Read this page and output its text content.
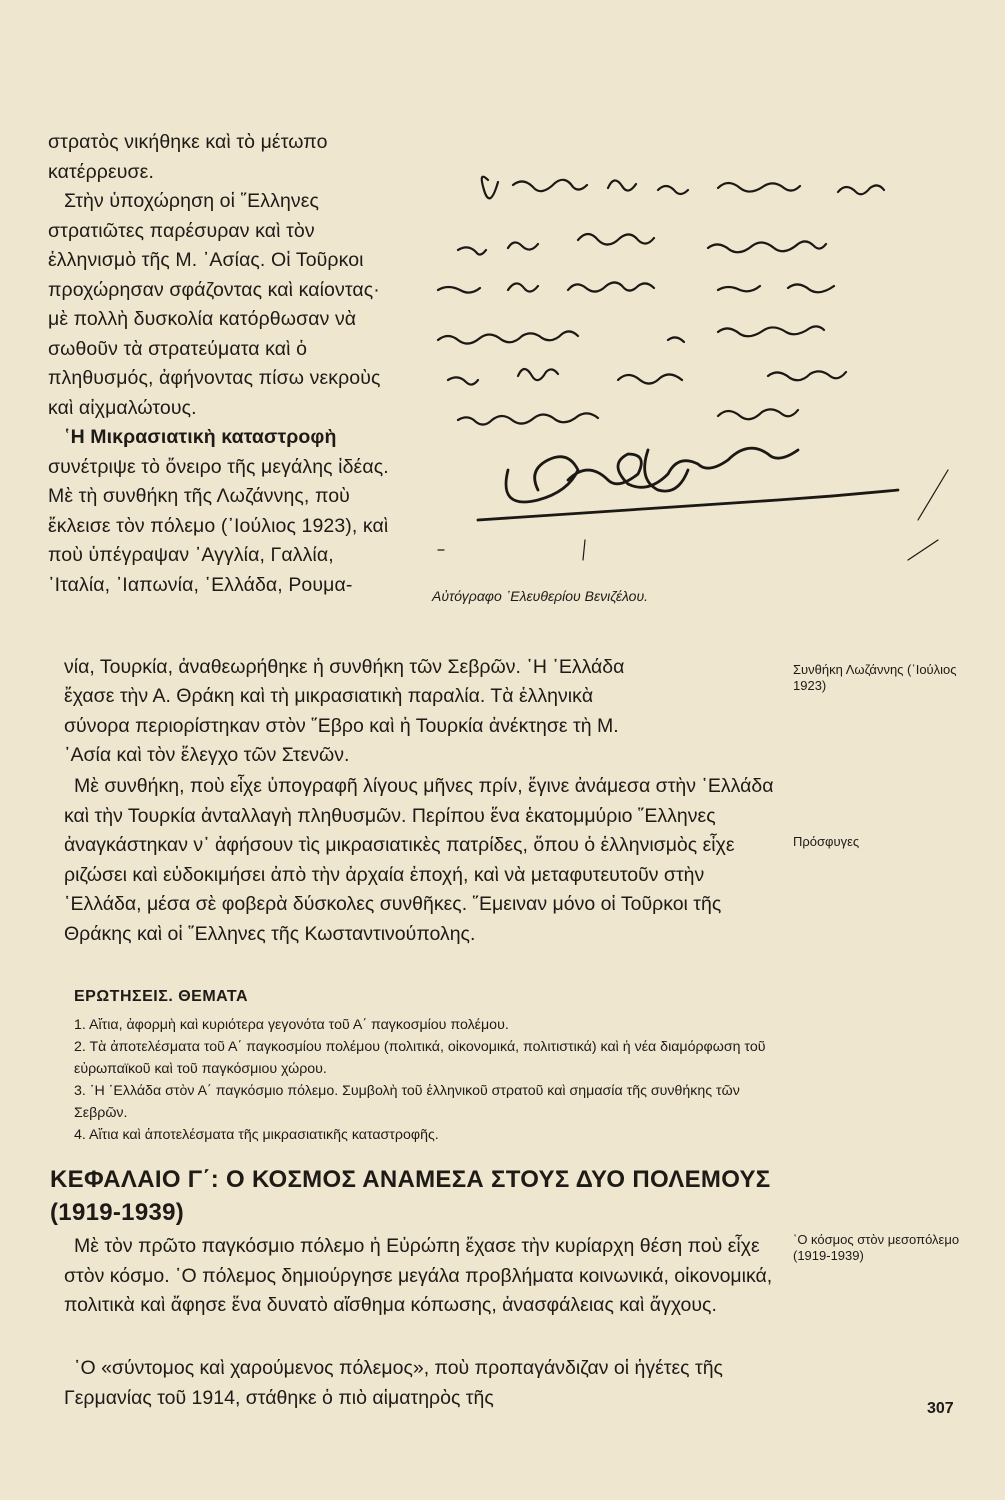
στρατὸς νικήθηκε καὶ τὸ μέτωπο κατέρρευσε.

Στὴν ὑποχώρηση οἱ ῞Ελληνες στρατιῶτες παρέσυραν καὶ τὸν ἑλληνισμὸ τῆς Μ. ᾿Ασίας. Οἱ Τοῦρκοι προχώρησαν σφάζοντας καὶ καίοντας· μὲ πολλὴ δυσκολία κατόρθωσαν νὰ σωθοῦν τὰ στρατεύματα καὶ ὁ πληθυσμός, ἀφήνοντας πίσω νεκροὺς καὶ αἰχμαλώτους.

῾Η Μικρασιατικὴ καταστροφὴ συνέτριψε τὸ ὄνειρο τῆς μεγάλης ἰδέας. Μὲ τὴ συνθήκη τῆς Λωζάννης, ποὺ ἔκλεισε τὸν πόλεμο (᾿Ιούλιος 1923), καὶ ποὺ ὑπέγραψαν ᾿Αγγλία, Γαλλία, ᾿Ιταλία, ᾿Ιαπωνία, ῾Ελλάδα, Ρουμα-

Αὐτόγραφο ᾿Ελευθερίου Βενιζέλου.

νία, Τουρκία, ἀναθεωρήθηκε ἡ συνθήκη τῶν Σεβρῶν. ῾Η ῾Ελλάδα

ἔχασε τὴν Α. Θράκη καὶ τὴ μικρασιατικὴ παραλία. Τὰ ἑλληνικὰ

σύνορα περιορίστηκαν στὸν ῞Εβρο καὶ ἡ Τουρκία ἀνέκτησε τὴ Μ.

᾿Ασία καὶ τὸν ἔλεγχο τῶν Στενῶν.

Μὲ συνθήκη, ποὺ εἶχε ὑπογραφῆ λίγους μῆνες πρίν, ἔγινε ἀνάμεσα στὴν ῾Ελλάδα καὶ τὴν Τουρκία ἀνταλλαγὴ πληθυσμῶν. Περίπου ἕνα ἑκατομμύριο ῞Ελληνες ἀναγκάστηκαν ν᾿ ἀφήσουν τὶς μικρασιατικὲς πατρίδες, ὅπου ὁ ἑλληνισμὸς εἶχε ριζώσει καὶ εὐδοκιμήσει ἀπὸ τὴν ἀρχαία ἐποχή, καὶ νὰ μεταφυτευτοῦν στὴν ῾Ελλάδα, μέσα σὲ φοβερὰ δύσκολες συνθῆκες. ῞Εμειναν μόνο οἱ Τοῦρκοι τῆς Θράκης καὶ οἱ ῞Ελληνες τῆς Κωσταντινούπολης.

Συνθήκη Λωζάννης (᾿Ιούλιος 1923)
Πρόσφυγες
῾Ο κόσμος στὸν μεσοπόλεμο (1919-1939)
ΕΡΩΤΗΣΕΙΣ. ΘΕΜΑΤΑ

1. Αἴτια, ἀφορμὴ καὶ κυριότερα γεγονότα τοῦ Α΄ παγκοσμίου πολέμου.

2. Τὰ ἀποτελέσματα τοῦ Α΄ παγκοσμίου πολέμου (πολιτικά, οἰκονομικά, πολιτιστικά) καὶ ἡ νέα διαμόρφωση τοῦ εὐρωπαϊκοῦ καὶ τοῦ παγκόσμιου χώρου.

3. ῾Η ῾Ελλάδα στὸν Α΄ παγκόσμιο πόλεμο. Συμβολὴ τοῦ ἑλληνικοῦ στρατοῦ καὶ σημασία τῆς συνθήκης τῶν Σεβρῶν.

4. Αἴτια καὶ ἀποτελέσματα τῆς μικρασιατικῆς καταστροφῆς.

ΚΕΦΑΛΑΙΟ Γ΄: Ο ΚΟΣΜΟΣ ΑΝΑΜΕΣΑ ΣΤΟΥΣ ΔΥΟ ΠΟΛΕΜΟΥΣ (1919-1939)

Μὲ τὸν πρῶτο παγκόσμιο πόλεμο ἡ Εὐρώπη ἔχασε τὴν κυρίαρχη θέση ποὺ εἶχε στὸν κόσμο. ῾Ο πόλεμος δημιούργησε μεγάλα προβλήματα κοινωνικά, οἰκονομικά, πολιτικὰ καὶ ἄφησε ἕνα δυνατὸ αἴσθημα κόπωσης, ἀνασφάλειας καὶ ἄγχους.

῾Ο «σύντομος καὶ χαρούμενος πόλεμος», ποὺ προπαγάνδιζαν οἱ ἡγέτες τῆς Γερμανίας τοῦ 1914, στάθηκε ὁ πιὸ αἱματηρὸς τῆς	307
